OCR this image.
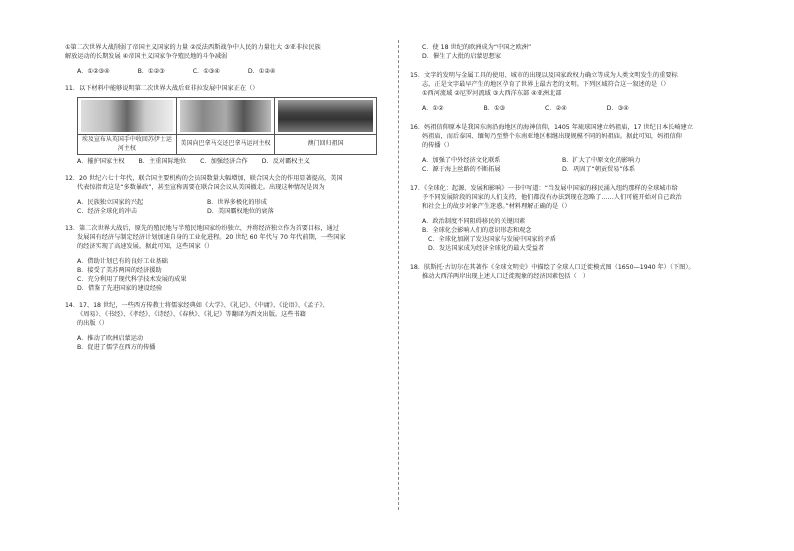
①第二次世界大战削弱了帝国主义国家的力量 ②反法西斯战争中人民的力量壮大 ③亚非拉民族

解放运动的长期发展 ④帝国主义国家争夺殖民地的斗争减弱

A．①②③④	B．①②③	C．①③④	D．①②④

11．以下材料中能够说明第二次世界大战后亚非拉发展中国家正在（）

埃及宣布从英国手中收回苏伊士运河主权	美国向巴拿马交还巴拿马运河主权	澳门回归祖国
A．摧护国家主权 B．主重国际地位 C．加强经济合作 D．反对霸权主义

12．20 世纪六七十年代，联合国主要机构的会员国数量大幅增加，联合国大会的作用显著提高，美国

代表惊指责这是“多数暴政”，甚至宣称需要在联合国会议从美国撤走。出现这种情况是因为

A．民族独立国家的兴起	B．世界多极化的形成
C．经济全球化的冲击	D．美国霸权地位的衰落

13．第二次世界大战后，原先的殖民地与半殖民地国家纷纷独立，并将经济独立作为首要目标，通过

发展国有经济与制定经济计划加速自身的工业化进程。20 世纪 60 年代与 70 年代前期，一些国家

的经济实现了高速发展。据此可知，这些国家（）

A．借助计划已有的良好工业基础

B．接受了美苏两国的经济援助

C．充分利用了现代科学技术发展的成果

D．借鉴了先进国家的建设经验

14．17、18 世纪，一些西方传教士将儒家经典如《大学》、《礼记》、《中庸》、《论语》、《孟子》、

《周易》、《书经》、《孝经》、《诗经》、《春秋》、《礼记》等翻译为西文出版。这些书籍

的出版（）

A．推动了欧洲启蒙运动

B．促进了儒学在西方的传播

C．使 18 世纪的欧洲成为“中国之欧洲”

D．催生了大批的启蒙思想家

15．文字的发明与金属工具的使用、城市的出现以及国家政权力确立等成为人类文明发生的重要标

志，正是文字最早产生的地区孕育了世界上最古老的文明。下列区域符合这一叙述的是（）

①西河流域 ②尼罗河流域 ③大西洋东部 ④亚洲北部

A．①②	B．①③	C．②④	D．③④

16．妈祖信仰原本是我国东南沿海地区的海神信仰，1405 年琉球国建立妈祖庙，17 世纪日本长崎建立

妈祖庙，而后泰国、缅甸乃至整个东南亚地区相继出现规模不同的妈祖庙。据此可知，妈祖信仰

的传播（）

A．加强了中外经济文化联系	B．扩大了中原文化的影响力
C．源于海上丝路的不断拓展	D．巩固了“朝贡贸易”体系

17．《全球化：起源、发展和影响》一书中写道：“当发展中国家的移民涌入纽约那样的全球城市给

予不同发展阶段的国家的人们支持，他们都没有办法到现在忽略了……人们可能开始对自己政治

和社会上的故步对象产生迷惑。”材料理解正确的是（）

A．政治制度不同阻碍移民的关键因素

B．全球化会影响人们的意识形态和观念

C．全球化加剧了发达国家与发展中国家的矛盾

D．发达国家成为经济全球化的最大受益者

18．肤斯托·古切尔在其著作《全球文明史》中描绘了全球人口迁徙模式图（1650—1940 年）（下图）。

推动大西洋两岸出现上述人口迁徙现象的经济因素包括（　）
